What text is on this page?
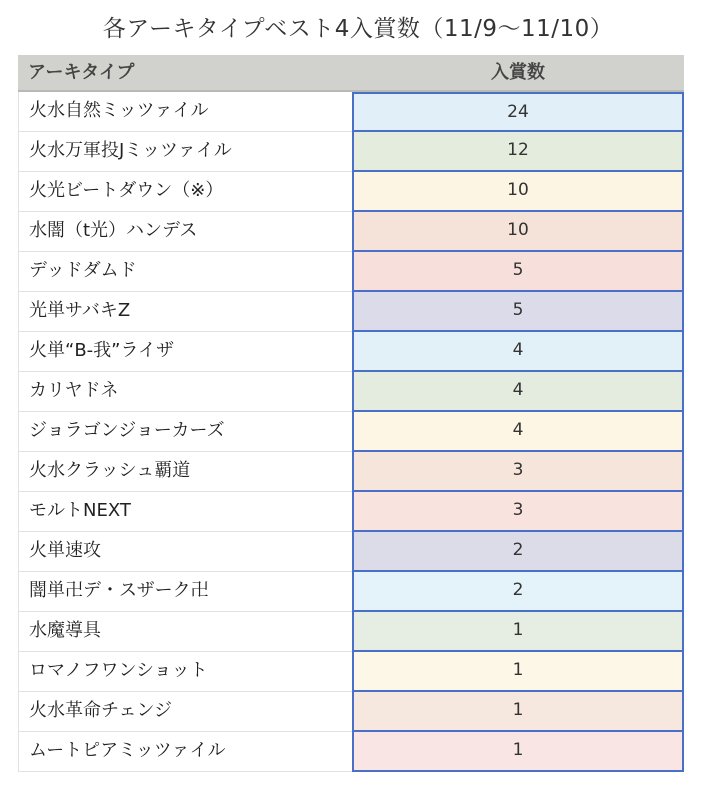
各アーキタイプベスト4入賞数（11/9〜11/10）
アーキタイプ	入賞数
火水自然ミッツァイル	24
火水万軍投Jミッツァイル	12
火光ビートダウン（※）	10
水闇（t光）ハンデス	10
デッドダムド	5
光単サバキZ	5
火単“B-我”ライザ	4
カリヤドネ	4
ジョラゴンジョーカーズ	4
火水クラッシュ覇道	3
モルトNEXT	3
火単速攻	2
闇単卍デ・スザーク卍	2
水魔導具	1
ロマノフワンショット	1
火水革命チェンジ	1
ムートピアミッツァイル	1
